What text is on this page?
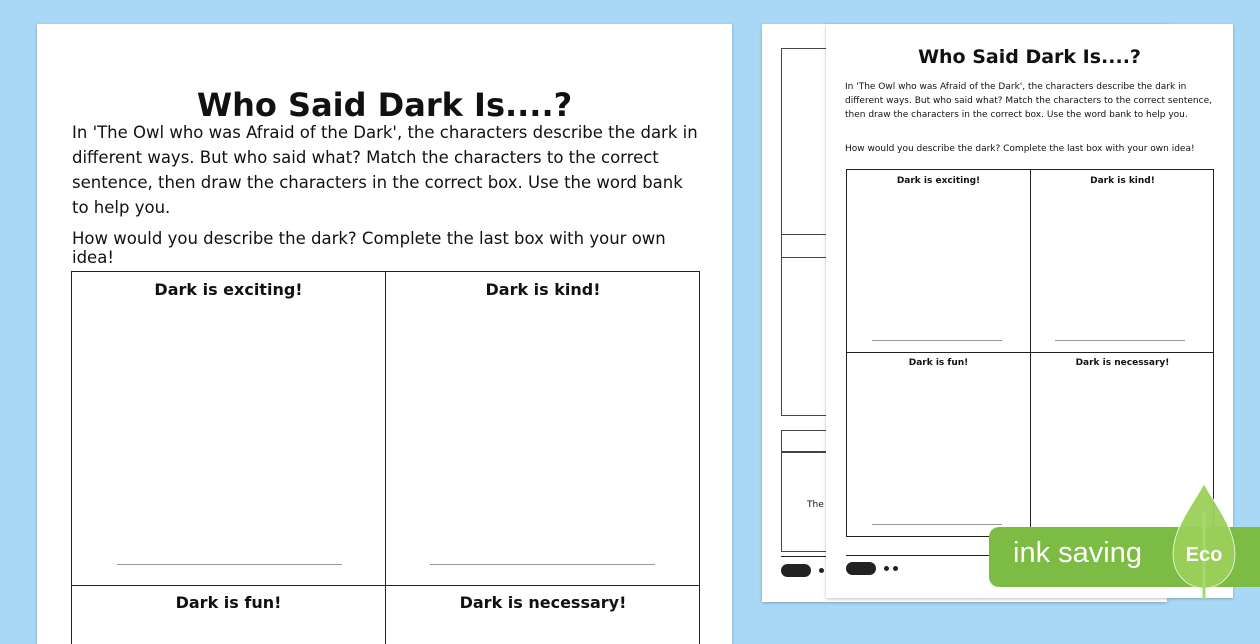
The
Who Said Dark Is....?
In 'The Owl who was Afraid of the Dark', the characters describe the dark in different ways. But who said what? Match the characters to the correct sentence, then draw the characters in the correct box. Use the word bank to help you.
How would you describe the dark? Complete the last box with your own idea!
Dark is exciting!	Dark is kind!
Dark is fun!	Dark is necessary!
Who Said Dark Is....?
In 'The Owl who was Afraid of the Dark', the characters describe the dark in different ways. But who said what? Match the characters to the correct sentence, then draw the characters in the correct box. Use the word bank to help you.
How would you describe the dark? Complete the last box with your own idea!
Dark is exciting!	Dark is kind!
Dark is fun!	Dark is necessary!
ink saving	Eco
